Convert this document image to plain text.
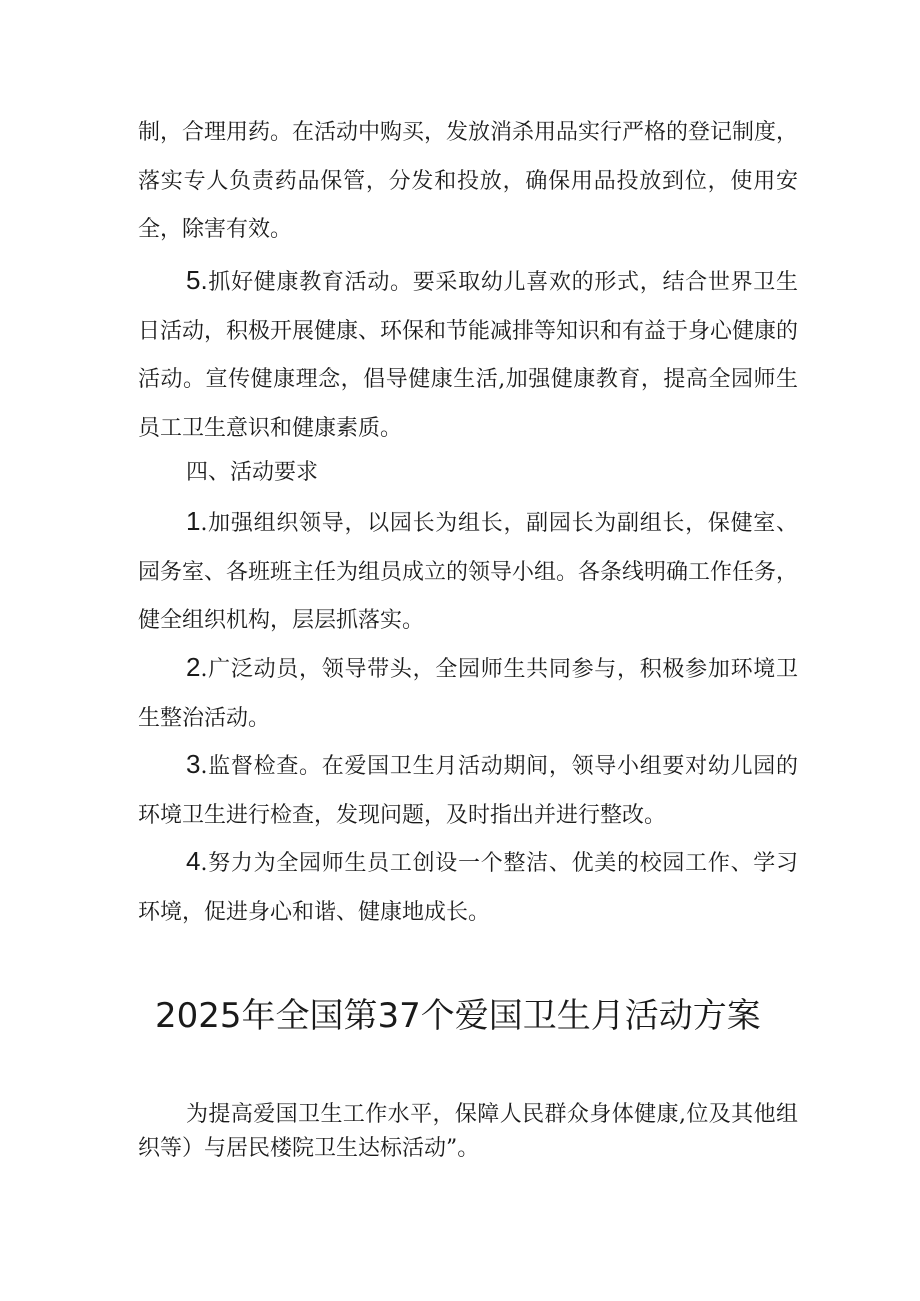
制，合理用药。在活动中购买，发放消杀用品实行严格的登记制度，落实专人负责药品保管，分发和投放，确保用品投放到位，使用安全，除害有效。

5.抓好健康教育活动。要采取幼儿喜欢的形式，结合世界卫生日活动，积极开展健康、环保和节能减排等知识和有益于身心健康的活动。宣传健康理念，倡导健康生活,加强健康教育，提高全园师生员工卫生意识和健康素质。

四、活动要求

1.加强组织领导，以园长为组长，副园长为副组长，保健室、园务室、各班班主任为组员成立的领导小组。各条线明确工作任务，健全组织机构，层层抓落实。

2.广泛动员，领导带头，全园师生共同参与，积极参加环境卫生整治活动。

3.监督检查。在爱国卫生月活动期间，领导小组要对幼儿园的环境卫生进行检查，发现问题，及时指出并进行整改。

4.努力为全园师生员工创设一个整洁、优美的校园工作、学习环境，促进身心和谐、健康地成长。

2025年全国第37个爱国卫生月活动方案

为提高爱国卫生工作水平，保障人民群众身体健康,位及其他组织等）与居民楼院卫生达标活动”。
